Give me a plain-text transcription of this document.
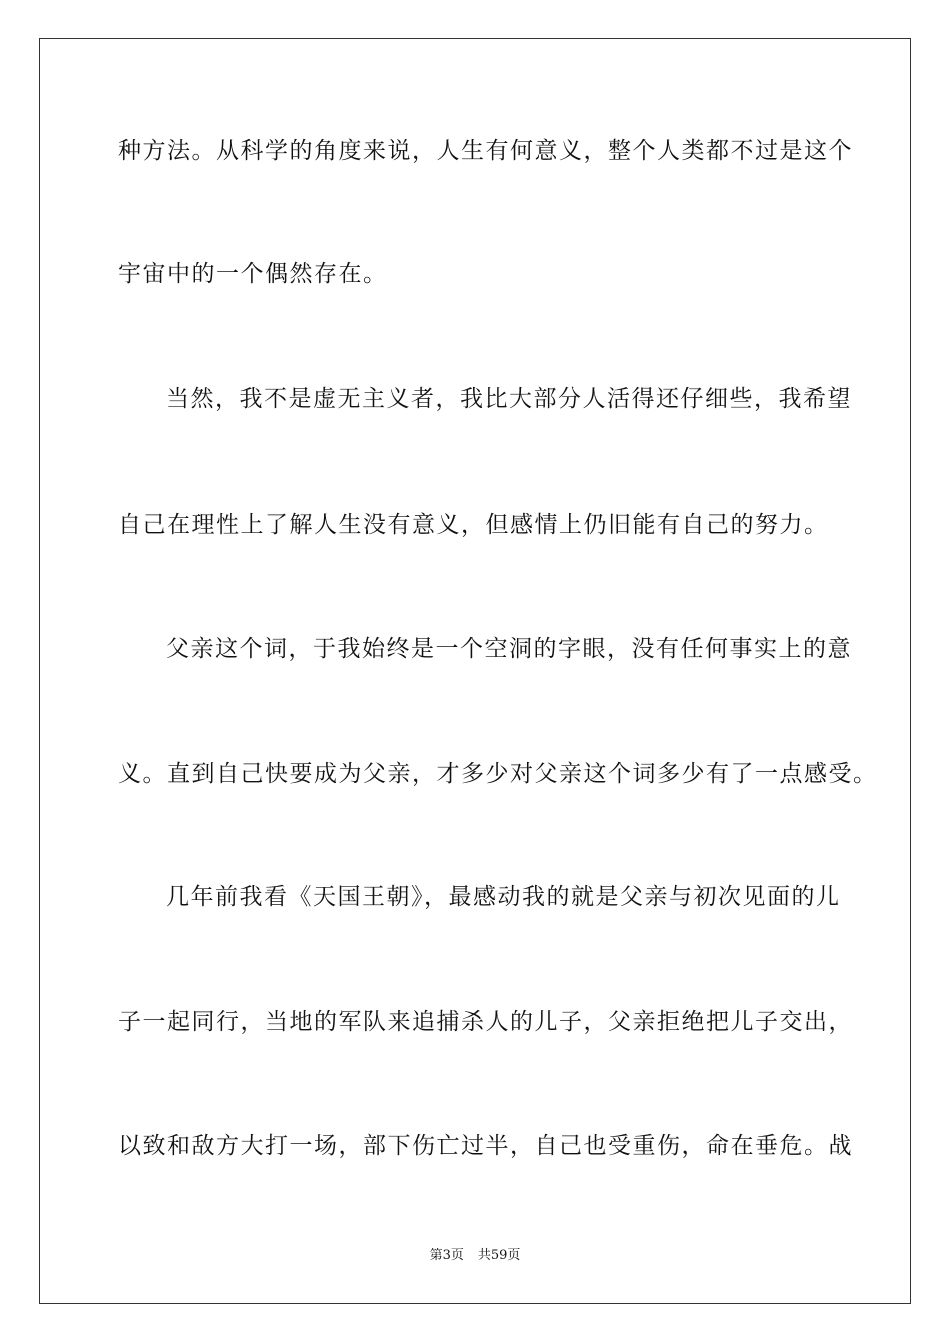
种方法。从科学的角度来说，人生有何意义，整个人类都不过是这个
宇宙中的一个偶然存在。
当然，我不是虚无主义者，我比大部分人活得还仔细些，我希望
自己在理性上了解人生没有意义，但感情上仍旧能有自己的努力。
父亲这个词，于我始终是一个空洞的字眼，没有任何事实上的意
义。直到自己快要成为父亲，才多少对父亲这个词多少有了一点感受。
几年前我看《天国王朝》，最感动我的就是父亲与初次见面的儿
子一起同行，当地的军队来追捕杀人的儿子，父亲拒绝把儿子交出，
以致和敌方大打一场，部下伤亡过半，自己也受重伤，命在垂危。战
第3页 共59页
